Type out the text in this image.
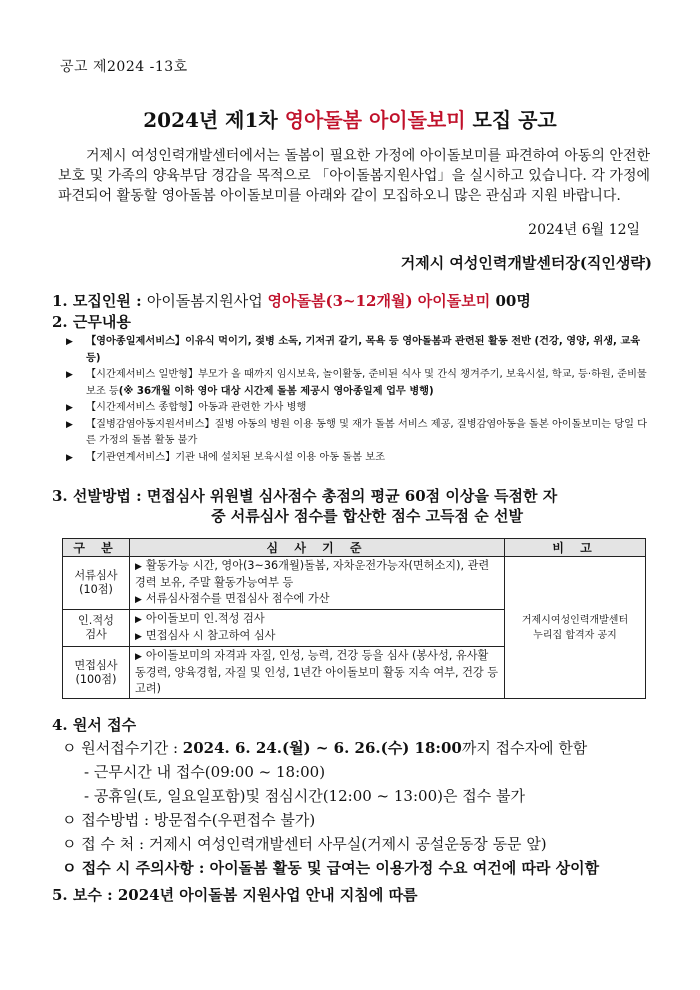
공고 제2024 -13호
2024년 제1차 영아돌봄 아이돌보미 모집 공고

거제시 여성인력개발센터에서는 돌봄이 필요한 가정에 아이돌보미를 파견하여 아동의 안전한 보호 및 가족의 양육부담 경감을 목적으로 「아이돌봄지원사업」을 실시하고 있습니다. 각 가정에 파견되어 활동할 영아돌봄 아이돌보미를 아래와 같이 모집하오니 많은 관심과 지원 바랍니다.

2024년 6월 12일
거제시 여성인력개발센터장(직인생략)
1. 모집인원 : 아이돌봄지원사업 영아돌봄(3~12개월) 아이돌보미 00명
2. 근무내용
▶ 【영아종일제서비스】이유식 먹이기, 젖병 소독, 기저귀 갈기, 목욕 등 영아돌봄과 관련된 활동 전반 (건강, 영양, 위생, 교육 등)
▶ 【시간제서비스 일반형】부모가 올 때까지 임시보육, 놀이활동, 준비된 식사 및 간식 챙겨주기, 보육시설, 학교, 등·하원, 준비물 보조 등(※ 36개월 이하 영아 대상 시간제 돌봄 제공시 영아종일제 업무 병행)
▶ 【시간제서비스 종합형】아동과 관련한 가사 병행
▶ 【질병감염아동지원서비스】질병 아동의 병원 이용 동행 및 재가 돌봄 서비스 제공, 질병감염아동을 돌본 아이돌보미는 당일 다른 가정의 돌봄 활동 불가
▶ 【기관연계서비스】기관 내에 설치된 보육시설 이용 아동 돌봄 보조
3. 선발방법 : 면접심사 위원별 심사점수 총점의 평균 60점 이상을 득점한 자
중 서류심사 점수를 합산한 점수 고득점 순 선발
구 분	심 사 기 준	비 고
서류심사
(10점)	▶ 활동가능 시간, 영아(3~36개월)돌봄, 자차운전가능자(면허소지), 관련 경력 보유, 주말 활동가능여부 등
▶ 서류심사점수를 면접심사 점수에 가산	거제시여성인력개발센터
누리집 합격자 공지
인.적성
검사	▶ 아이돌보미 인.적성 검사
▶ 면접심사 시 참고하여 심사	

면접심사
(100점)	▶ 아이돌보미의 자격과 자질, 인성, 능력, 건강 등을 심사 (봉사성, 유사활동경력, 양육경험, 자질 및 인성, 1년간 아이돌보미 활동 지속 여부, 건강 등 고려)	
4. 원서 접수
ㅇ 원서접수기간 : 2024. 6. 24.(월) ~ 6. 26.(수) 18:00까지 접수자에 한함
- 근무시간 내 접수(09:00 ~ 18:00)
- 공휴일(토, 일요일포함)및 점심시간(12:00 ~ 13:00)은 접수 불가
ㅇ 접수방법 : 방문접수(우편접수 불가)
ㅇ 접 수 처 : 거제시 여성인력개발센터 사무실(거제시 공설운동장 동문 앞)
ㅇ 접수 시 주의사항 : 아이돌봄 활동 및 급여는 이용가정 수요 여건에 따라 상이함
5. 보수 : 2024년 아이돌봄 지원사업 안내 지침에 따름
